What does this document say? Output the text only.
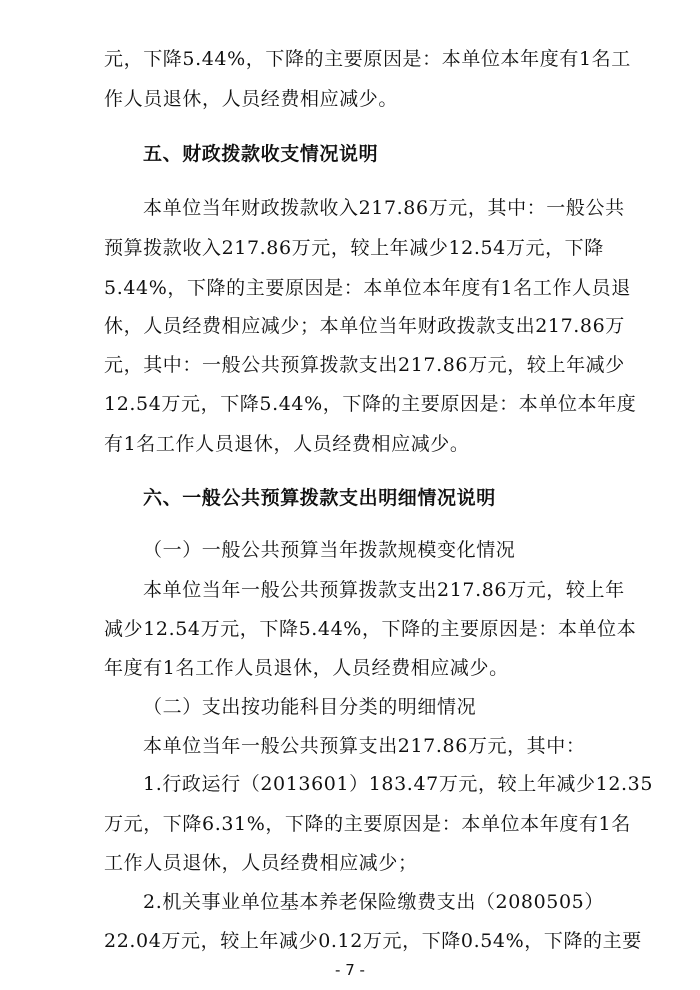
元，下降5.44%，下降的主要原因是：本单位本年度有1名工
作人员退休，人员经费相应减少。
五、财政拨款收支情况说明
本单位当年财政拨款收入217.86万元，其中：一般公共
预算拨款收入217.86万元，较上年减少12.54万元，下降
5.44%，下降的主要原因是：本单位本年度有1名工作人员退
休，人员经费相应减少；本单位当年财政拨款支出217.86万
元，其中：一般公共预算拨款支出217.86万元，较上年减少
12.54万元，下降5.44%，下降的主要原因是：本单位本年度
有1名工作人员退休，人员经费相应减少。
六、一般公共预算拨款支出明细情况说明
（一）一般公共预算当年拨款规模变化情况
本单位当年一般公共预算拨款支出217.86万元，较上年
减少12.54万元，下降5.44%，下降的主要原因是：本单位本
年度有1名工作人员退休，人员经费相应减少。
（二）支出按功能科目分类的明细情况
本单位当年一般公共预算支出217.86万元，其中：
1.行政运行（2013601）183.47万元，较上年减少12.35
万元，下降6.31%，下降的主要原因是：本单位本年度有1名
工作人员退休，人员经费相应减少；
2.机关事业单位基本养老保险缴费支出（2080505）
22.04万元，较上年减少0.12万元，下降0.54%，下降的主要
- 7 -
